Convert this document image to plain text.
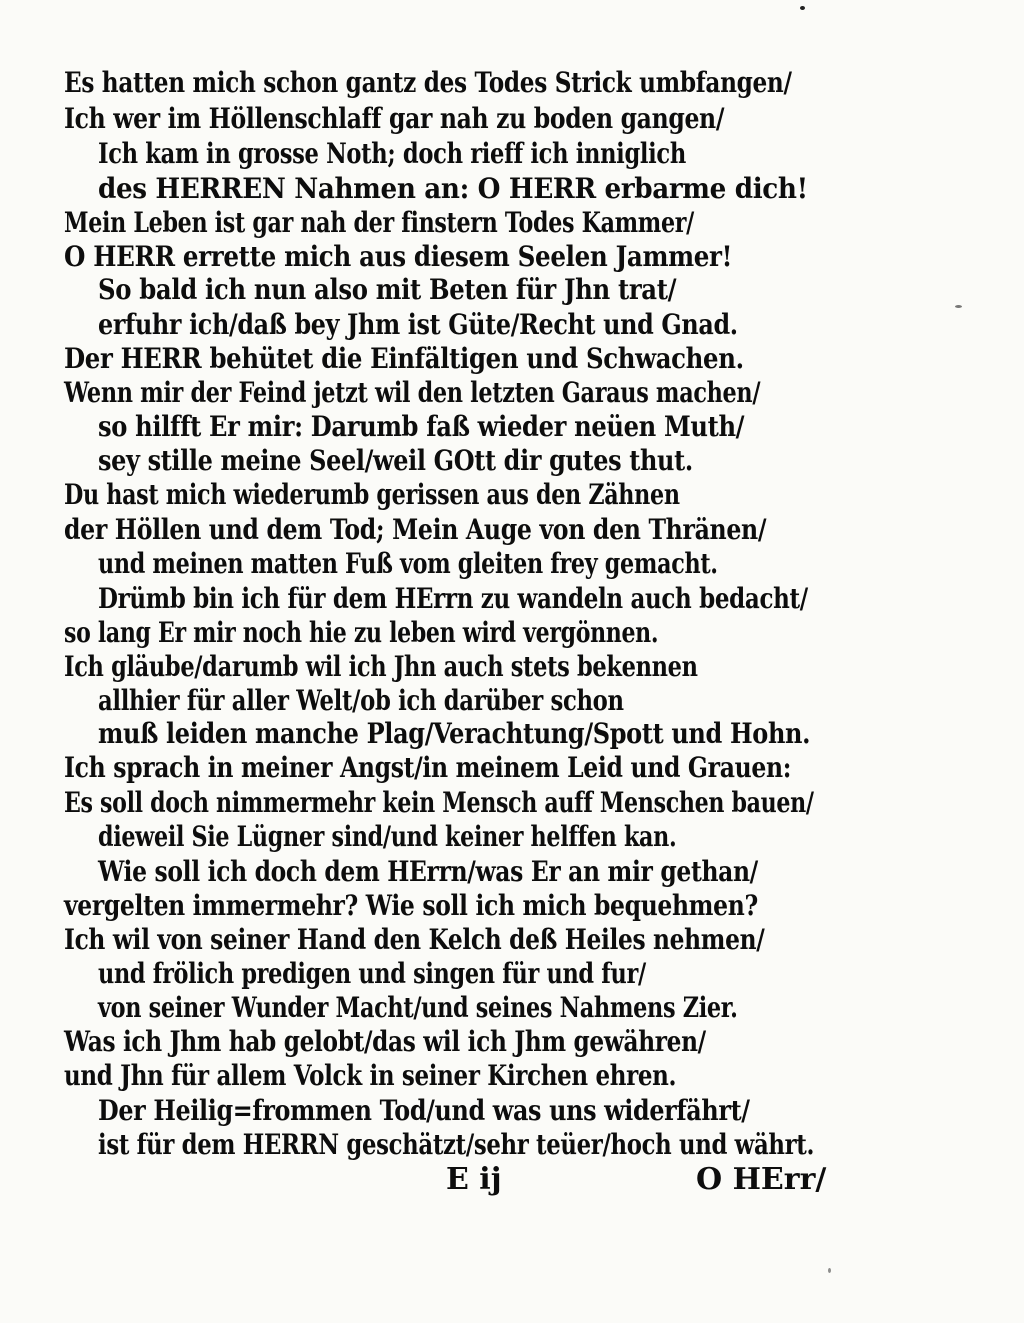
Es hatten mich schon gantz des Todes Strick umbfangen/
Ich wer im Höllenschlaff gar nah zu boden gangen/
Ich kam in grosse Noth; doch rieff ich inniglich
des HERREN Nahmen an: O HERR erbarme dich!
Mein Leben ist gar nah der finstern Todes Kammer/
O HERR errette mich aus diesem Seelen Jammer!
So bald ich nun also mit Beten für Jhn trat/
erfuhr ich/daß bey Jhm ist Güte/Recht und Gnad.
Der HERR behütet die Einfältigen und Schwachen.
Wenn mir der Feind jetzt wil den letzten Garaus machen/
so hilfft Er mir: Darumb faß wieder neüen Muth/
sey stille meine Seel/weil GOtt dir gutes thut.
Du hast mich wiederumb gerissen aus den Zähnen
der Höllen und dem Tod; Mein Auge von den Thränen/
und meinen matten Fuß vom gleiten frey gemacht.
Drümb bin ich für dem HErrn zu wandeln auch bedacht/
so lang Er mir noch hie zu leben wird vergönnen.
Ich gläube/darumb wil ich Jhn auch stets bekennen
allhier für aller Welt/ob ich darüber schon
muß leiden manche Plag/Verachtung/Spott und Hohn.
Ich sprach in meiner Angst/in meinem Leid und Grauen:
Es soll doch nimmermehr kein Mensch auff Menschen bauen/
dieweil Sie Lügner sind/und keiner helffen kan.
Wie soll ich doch dem HErrn/was Er an mir gethan/
vergelten immermehr? Wie soll ich mich bequehmen?
Ich wil von seiner Hand den Kelch deß Heiles nehmen/
und frölich predigen und singen für und fur/
von seiner Wunder Macht/und seines Nahmens Zier.
Was ich Jhm hab gelobt/das wil ich Jhm gewähren/
und Jhn für allem Volck in seiner Kirchen ehren.
Der Heilig=frommen Tod/und was uns widerfährt/
ist für dem HERRN geschätzt/sehr teüer/hoch und währt.
E ij	O HErr/
